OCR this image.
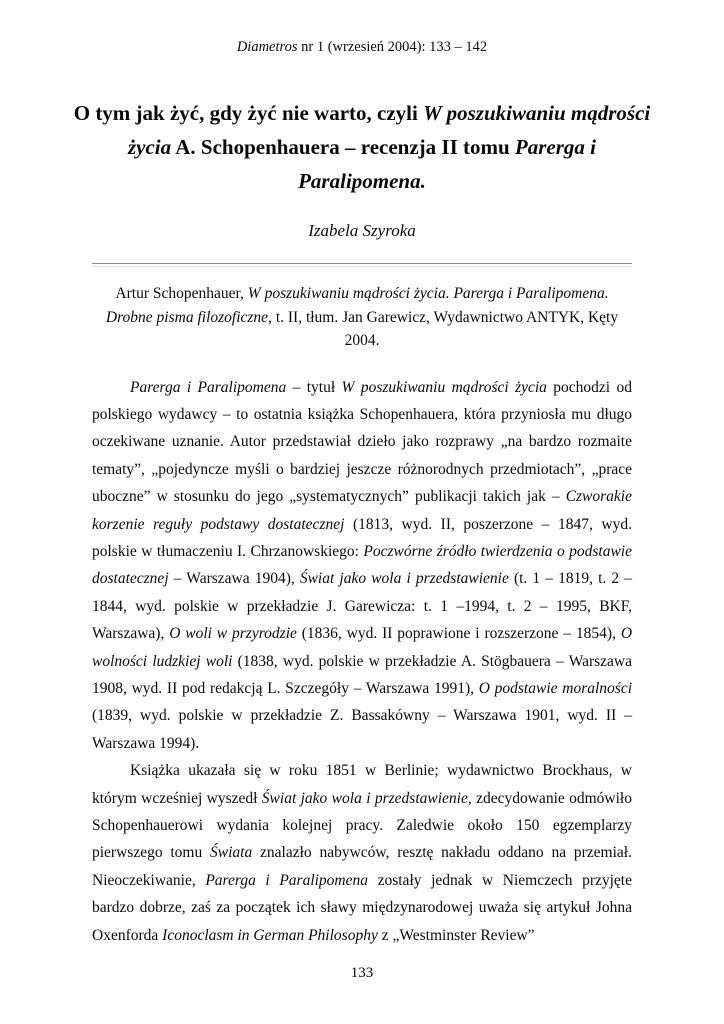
Diametros nr 1 (wrzesień 2004): 133 – 142
O tym jak żyć, gdy żyć nie warto, czyli W poszukiwaniu mądrości życia A. Schopenhauera – recenzja II tomu Parerga i Paralipomena.
Izabela Szyroka
Artur Schopenhauer, W poszukiwaniu mądrości życia. Parerga i Paralipomena. Drobne pisma filozoficzne, t. II, tłum. Jan Garewicz, Wydawnictwo ANTYK, Kęty 2004.

Parerga i Paralipomena – tytuł W poszukiwaniu mądrości życia pochodzi od polskiego wydawcy – to ostatnia książka Schopenhauera, która przyniosła mu długo oczekiwane uznanie. Autor przedstawiał dzieło jako rozprawy „na bardzo rozmaite tematy”, „pojedyncze myśli o bardziej jeszcze różnorodnych przedmiotach”, „prace uboczne” w stosunku do jego „systematycznych” publikacji takich jak – Czworakie korzenie reguły podstawy dostatecznej (1813, wyd. II, poszerzone – 1847, wyd. polskie w tłumaczeniu I. Chrzanowskiego: Poczwórne źródło twierdzenia o podstawie dostatecznej – Warszawa 1904), Świat jako wola i przedstawienie (t. 1 – 1819, t. 2 – 1844, wyd. polskie w przekładzie J. Garewicza: t. 1 –1994, t. 2 – 1995, BKF, Warszawa), O woli w przyrodzie (1836, wyd. II poprawione i rozszerzone – 1854), O wolności ludzkiej woli (1838, wyd. polskie w przekładzie A. Stögbauera – Warszawa 1908, wyd. II pod redakcją L. Szczegóły – Warszawa 1991), O podstawie moralności (1839, wyd. polskie w przekładzie Z. Bassakówny – Warszawa 1901, wyd. II – Warszawa 1994).

Książka ukazała się w roku 1851 w Berlinie; wydawnictwo Brockhaus, w którym wcześniej wyszedł Świat jako wola i przedstawienie, zdecydowanie odmówiło Schopenhauerowi wydania kolejnej pracy. Zaledwie około 150 egzemplarzy pierwszego tomu Świata znalazło nabywców, resztę nakładu oddano na przemiał. Nieoczekiwanie, Parerga i Paralipomena zostały jednak w Niemczech przyjęte bardzo dobrze, zaś za początek ich sławy międzynarodowej uważa się artykuł Johna Oxenforda Iconoclasm in German Philosophy z „Westminster Review”

133
